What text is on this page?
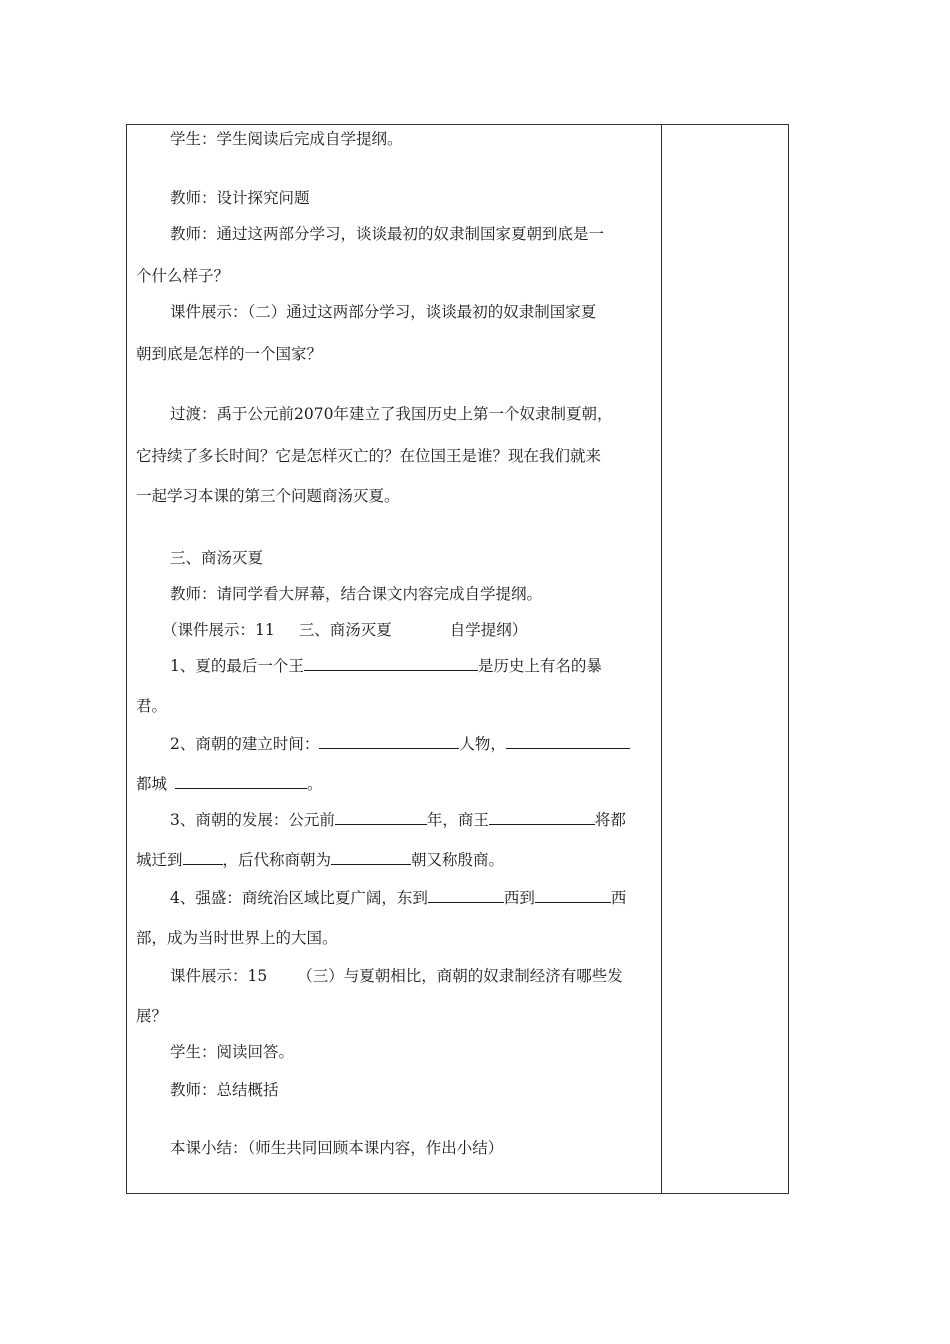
学生：学生阅读后完成自学提纲。
教师：设计探究问题
教师：通过这两部分学习，谈谈最初的奴隶制国家夏朝到底是一
个什么样子？
课件展示：（二）通过这两部分学习，谈谈最初的奴隶制国家夏
朝到底是怎样的一个国家？
过渡：禹于公元前2070年建立了我国历史上第一个奴隶制夏朝，
它持续了多长时间？它是怎样灭亡的？在位国王是谁？现在我们就来
一起学习本课的第三个问题商汤灭夏。
三、商汤灭夏
教师：请同学看大屏幕，结合课文内容完成自学提纲。
（课件展示：11 三、商汤灭夏	自学提纲）
1、夏的最后一个王	是历史上有名的暴
君。
2、商朝的建立时间：	人物，
都城	。
3、商朝的发展：公元前	年，商王	将都
城迁到	，后代称商朝为	朝又称殷商。
4、强盛：商统治区域比夏广阔，东到	西到	西
部，成为当时世界上的大国。
课件展示：15 （三）与夏朝相比，商朝的奴隶制经济有哪些发
展？
学生：阅读回答。
教师：总结概括
本课小结：（师生共同回顾本课内容，作出小结）
